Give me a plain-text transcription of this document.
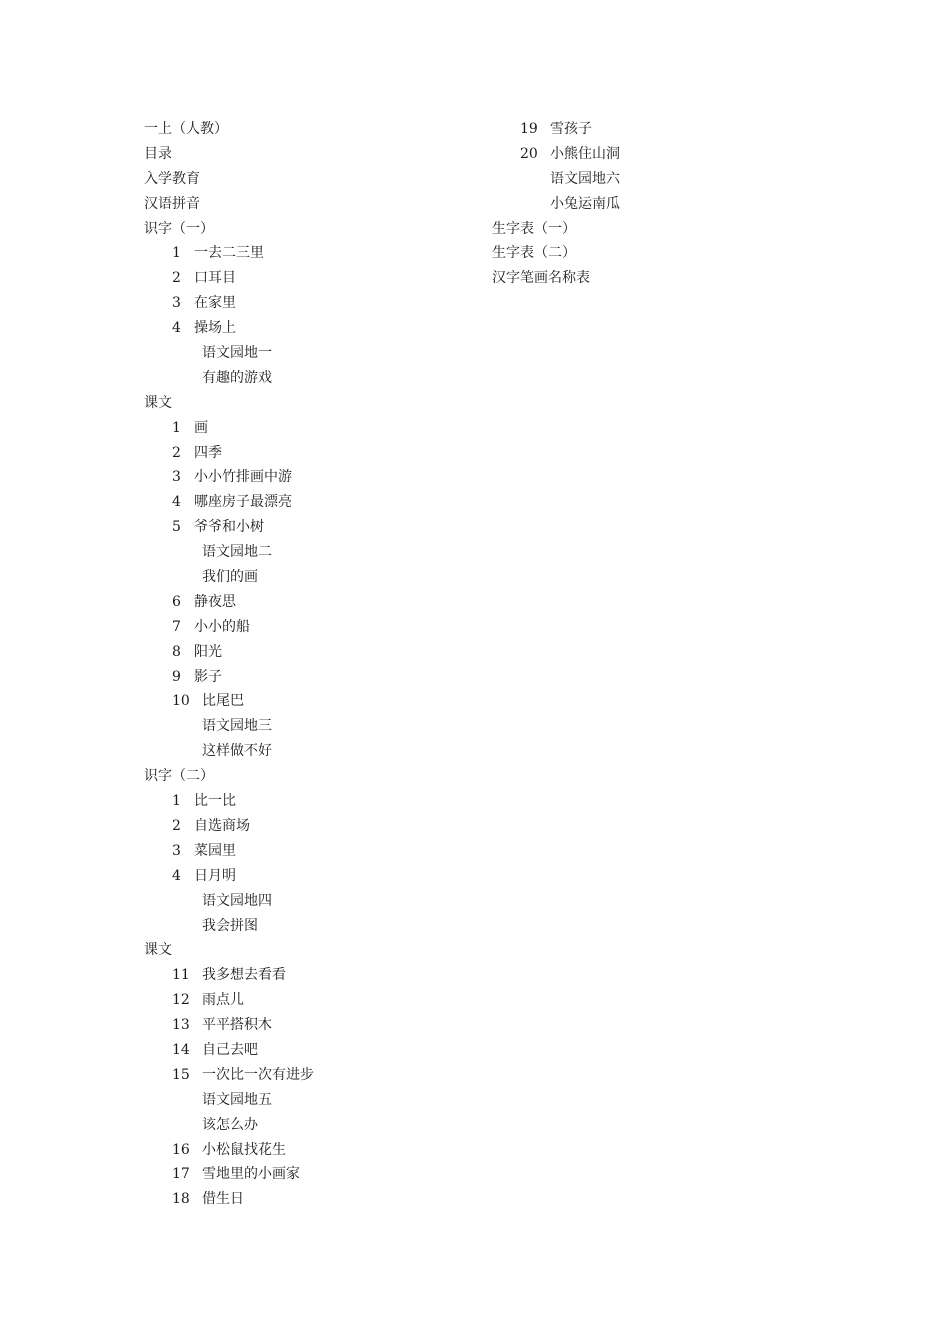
一上（人教）
目录
入学教育
汉语拼音
识字（一）
1 一去二三里
2 口耳目
3 在家里
4 操场上
语文园地一
有趣的游戏
课文
1 画
2 四季
3 小小竹排画中游
4 哪座房子最漂亮
5 爷爷和小树
语文园地二
我们的画
6 静夜思
7 小小的船
8 阳光
9 影子
10 比尾巴
语文园地三
这样做不好
识字（二）
1 比一比
2 自选商场
3 菜园里
4 日月明
语文园地四
我会拼图
课文
11 我多想去看看
12 雨点儿
13 平平搭积木
14 自己去吧
15 一次比一次有进步
语文园地五
该怎么办
16 小松鼠找花生
17 雪地里的小画家
18 借生日
19 雪孩子
20 小熊住山洞
语文园地六
小兔运南瓜
生字表（一）
生字表（二）
汉字笔画名称表
